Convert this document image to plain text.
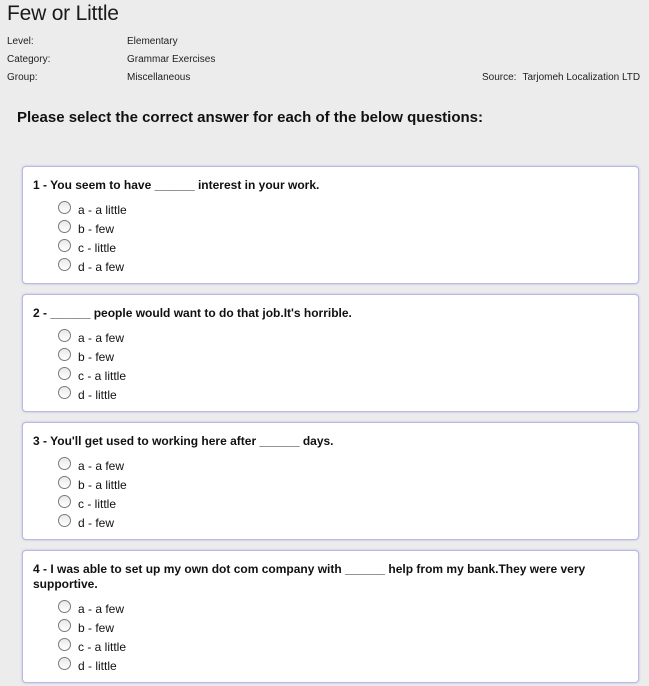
Few or Little
Level:	Elementary
Category:	Grammar Exercises
Group:	Miscellaneous	Source: Tarjomeh Localization LTD
Please select the correct answer for each of the below questions:
1 - You seem to have ______ interest in your work.
a - a little
b - few
c - little
d - a few
2 - ______ people would want to do that job.It's horrible.
a - a few
b - few
c - a little
d - little
3 - You'll get used to working here after ______ days.
a - a few
b - a little
c - little
d - few
4 - I was able to set up my own dot com company with ______ help from my bank.They were very supportive.
a - a few
b - few
c - a little
d - little
